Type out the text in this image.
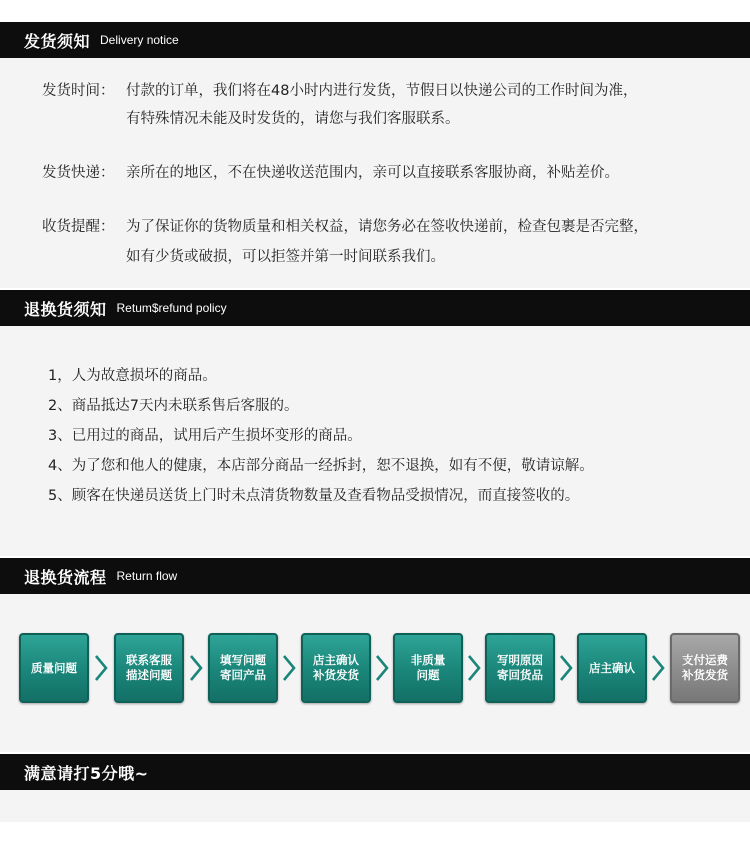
发货须知 Delivery notice
发货时间： 付款的订单，我们将在48小时内进行发货，节假日以快递公司的工作时间为准，
有特殊情况未能及时发货的，请您与我们客服联系。
发货快递： 亲所在的地区，不在快递收送范围内，亲可以直接联系客服协商，补贴差价。
收货提醒： 为了保证你的货物质量和相关权益，请您务必在签收快递前，检查包裹是否完整，
如有少货或破损，可以拒签并第一时间联系我们。
退换货须知 Retum$refund policy
1，人为故意损坏的商品。
2、商品抵达7天内未联系售后客服的。
3、已用过的商品，试用后产生损坏变形的商品。
4、为了您和他人的健康，本店部分商品一经拆封，恕不退换，如有不便，敬请谅解。
5、顾客在快递员送货上门时未点清货物数量及查看物品受损情况，而直接签收的。
退换货流程 Return flow
质量问题
联系客服
描述问题
填写问题
寄回产品
店主确认
补货发货
非质量
问题
写明原因
寄回货品
店主确认
支付运费
补货发货
满意请打5分哦~
